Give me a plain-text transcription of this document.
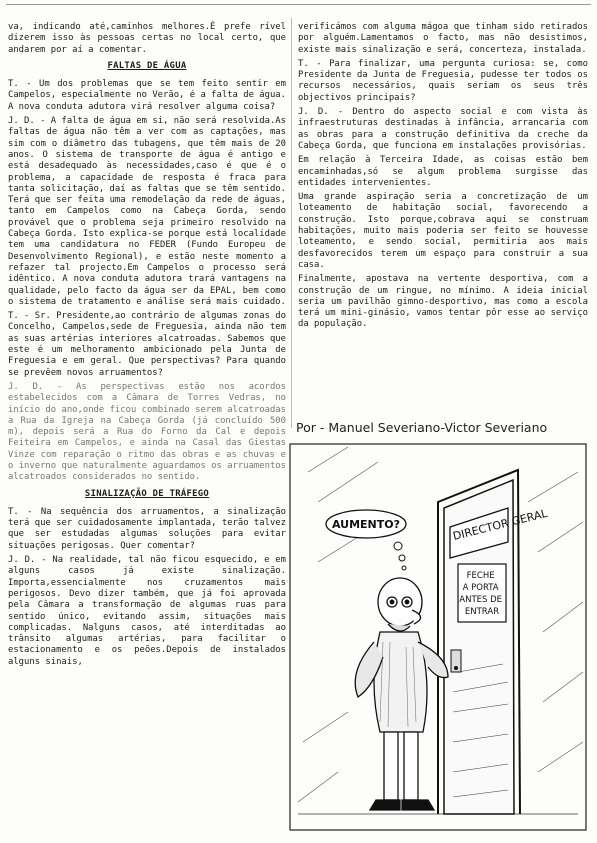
va, indicando até,caminhos melhores.É prefe rível dizerem isso às pessoas certas no local certo, que andarem por aí a comentar.

FALTAS DE ÁGUA

T. - Um dos problemas que se tem feito sentir em Campelos, especialmente no Verão, é a falta de água. A nova conduta adutora virá resolver alguma coisa?

J. D. - A falta de água em si, não será resolvida.As faltas de água não têm a ver com as captações, mas sim com o diâmetro das tubagens, que têm mais de 20 anos. O sistema de transporte de água é antigo e está desadequado às necessidades,caso é que é o problema, a capacidade de resposta é fraca para tanta solicitação, daí as faltas que se têm sentido. Terá que ser feita uma remodelação da rede de águas, tanto em Campelos como na Cabeça Gorda, sendo provável que o problema seja primeiro resolvido na Cabeça Gorda. Isto explica-se porque está localidade tem uma candidatura no FEDER (Fundo Europeu de Desenvolvimento Regional), e estão neste momento a refazer tal projecto.Em Campelos o processo será idêntico. A nova conduta adutora trará vantagens na qualidade, pelo facto da água ser da EPAL, bem como o sistema de tratamento e análise será mais cuidado.

T. - Sr. Presidente,ao contrário de algumas zonas do Concelho, Campelos,sede de Freguesia, ainda não tem as suas artérias interiores alcatroadas. Sabemos que este é um melhoramento ambicionado pela Junta de Freguesia e em geral. Que perspectivas? Para quando se prevêem novos arruamentos?

J. D. - As perspectivas estão nos acordos estabelecidos com a Câmara de Torres Vedras, no início do ano,onde ficou combinado serem alcatroadas a Rua da Igreja na Cabeça Gorda (já concluído 500 m), depois será a Rua do Forno da Cal e depois Feiteira em Campelos, e ainda na Casal das Giestas Vinze com reparação o ritmo das obras e as chuvas e o inverno que naturalmente aguardamos os arruamentos alcatroados considerados no sentido.

SINALIZAÇÃO DE TRÁFEGO

T. - Na sequência dos arruamentos, a sinalização terá que ser cuidadosamente implantada, terão talvez que ser estudadas algumas soluções para evitar situações perigosas. Quer comentar?

J. D. - Na realidade, tal não ficou esquecido, e em alguns casos já existe sinalização. Importa,essencialmente nos cruzamentos mais perigosos. Devo dizer também, que já foi aprovada pela Câmara a transformação de algumas ruas para sentido único, evitando assim, situações mais complicadas. Nalguns casos, até interditadas ao trânsito algumas artérias, para facilitar o estacionamento e os peões.Depois de instalados alguns sinais,

verificámos com alguma mágoa que tinham sido retirados por alguém.Lamentamos o facto, mas não desistimos, existe mais sinalização e será, concerteza, instalada.

T. - Para finalizar, uma pergunta curiosa: se, como Presidente da Junta de Freguesia, pudesse ter todos os recursos necessários, quais seriam os seus três objectivos principais?

J. D. - Dentro do aspecto social e com vista às infraestruturas destinadas à infância, arrancaria com as obras para a construção definitiva da creche da Cabeça Gorda, que funciona em instalações provisórias.

Em relação à Terceira Idade, as coisas estão bem encaminhadas,só se algum problema surgisse das entidades intervenientes.

Uma grande aspiração seria a concretização de um loteamento de habitação social, favorecendo a construção. Isto porque,cobrava aqui se construam habitações, muito mais poderia ser feito se houvesse loteamento, e sendo social, permitiria aos mais desfavorecidos terem um espaço para construir a sua casa.

Finalmente, apostava na vertente desportiva, com a construção de um ringue, no mínimo. A ideia inicial seria um pavilhão gimno-desportivo, mas como a escola terá um mini-ginásio, vamos tentar pôr esse ao serviço da população.

Por - Manuel Severiano-Victor Severiano
DIRECTOR GERAL
FECHE A PORTA ANTES DE ENTRAR
AUMENTO?
